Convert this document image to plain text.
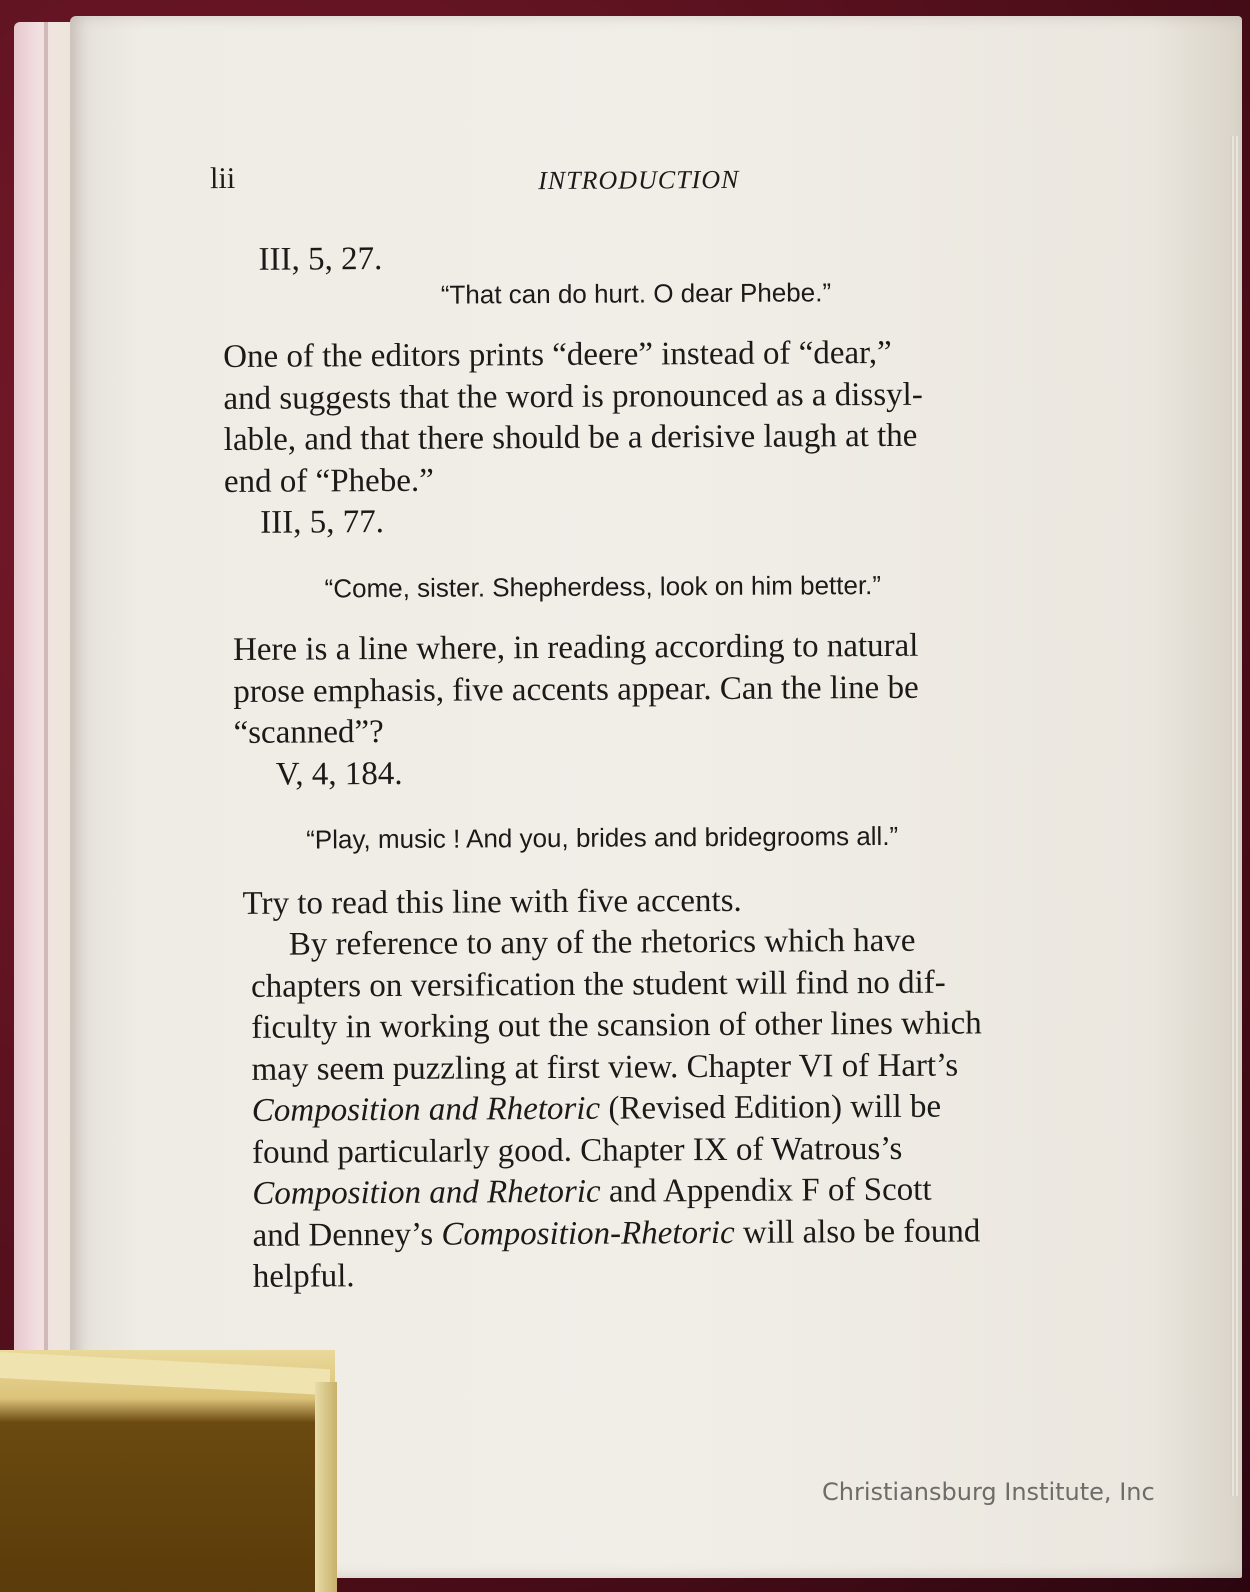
lii	INTRODUCTION

III, 5, 27.

“That can do hurt. O dear Phebe.”

One of the editors prints “deere” instead of “dear,”

and suggests that the word is pronounced as a dissyl-

lable, and that there should be a derisive laugh at the

end of “Phebe.”

III, 5, 77.

“Come, sister. Shepherdess, look on him better.”

Here is a line where, in reading according to natural

prose emphasis, five accents appear. Can the line be

“scanned”?

V, 4, 184.

“Play, music ! And you, brides and bridegrooms all.”

Try to read this line with five accents.

By reference to any of the rhetorics which have

chapters on versification the student will find no dif-

ficulty in working out the scansion of other lines which

may seem puzzling at first view. Chapter VI of Hart’s

Composition and Rhetoric (Revised Edition) will be

found particularly good. Chapter IX of Watrous’s

Composition and Rhetoric and Appendix F of Scott

and Denney’s Composition-Rhetoric will also be found

helpful.

Christiansburg Institute, Inc
